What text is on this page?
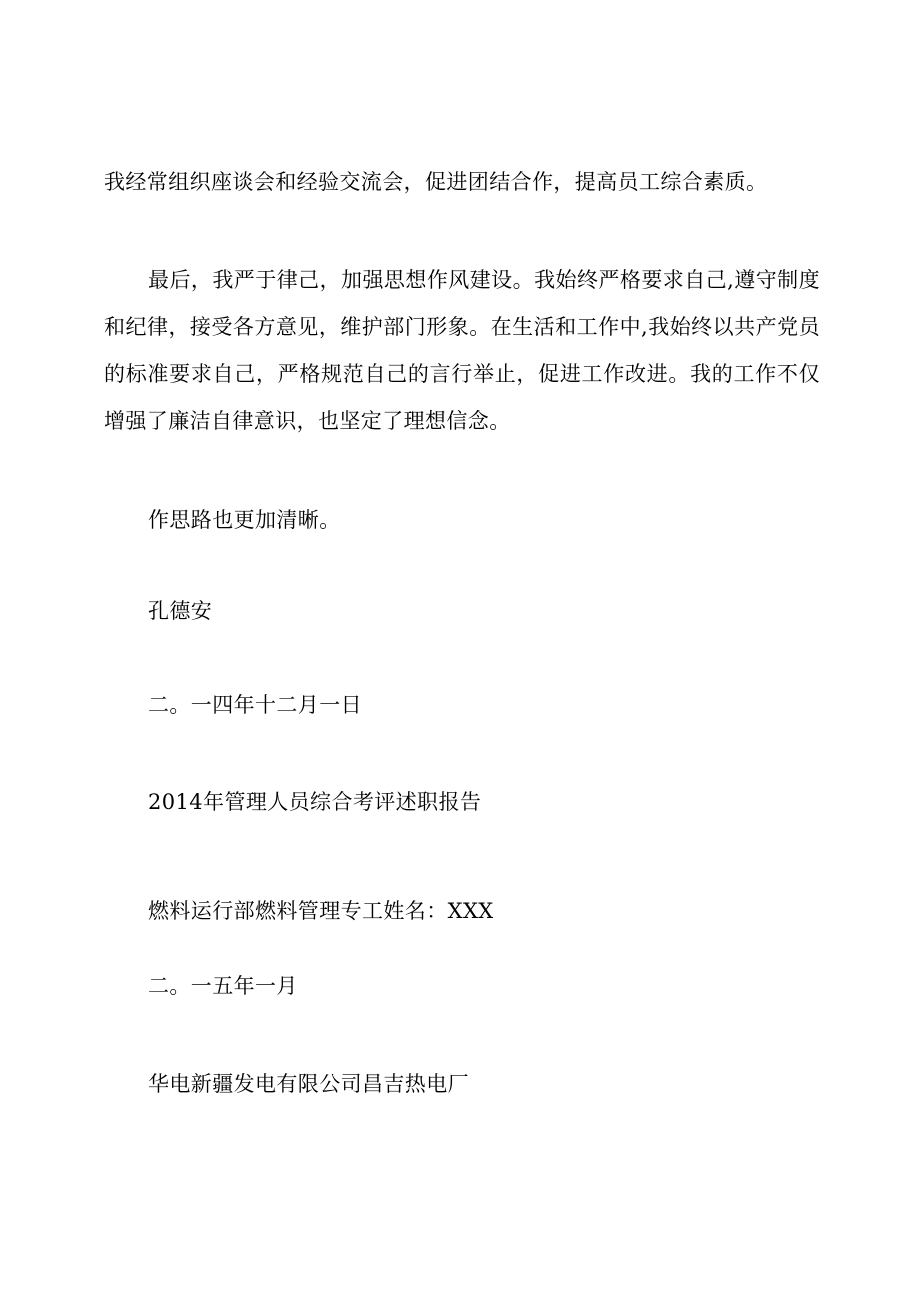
我经常组织座谈会和经验交流会，促进团结合作，提高员工综合素质。
最后，我严于律己，加强思想作风建设。我始终严格要求自己,遵守制度和纪律，接受各方意见，维护部门形象。在生活和工作中,我始终以共产党员的标准要求自己，严格规范自己的言行举止，促进工作改进。我的工作不仅增强了廉洁自律意识，也坚定了理想信念。
作思路也更加清晰。
孔德安
二。一四年十二月一日
2014年管理人员综合考评述职报告
燃料运行部燃料管理专工姓名：XXX
二。一五年一月
华电新疆发电有限公司昌吉热电厂
